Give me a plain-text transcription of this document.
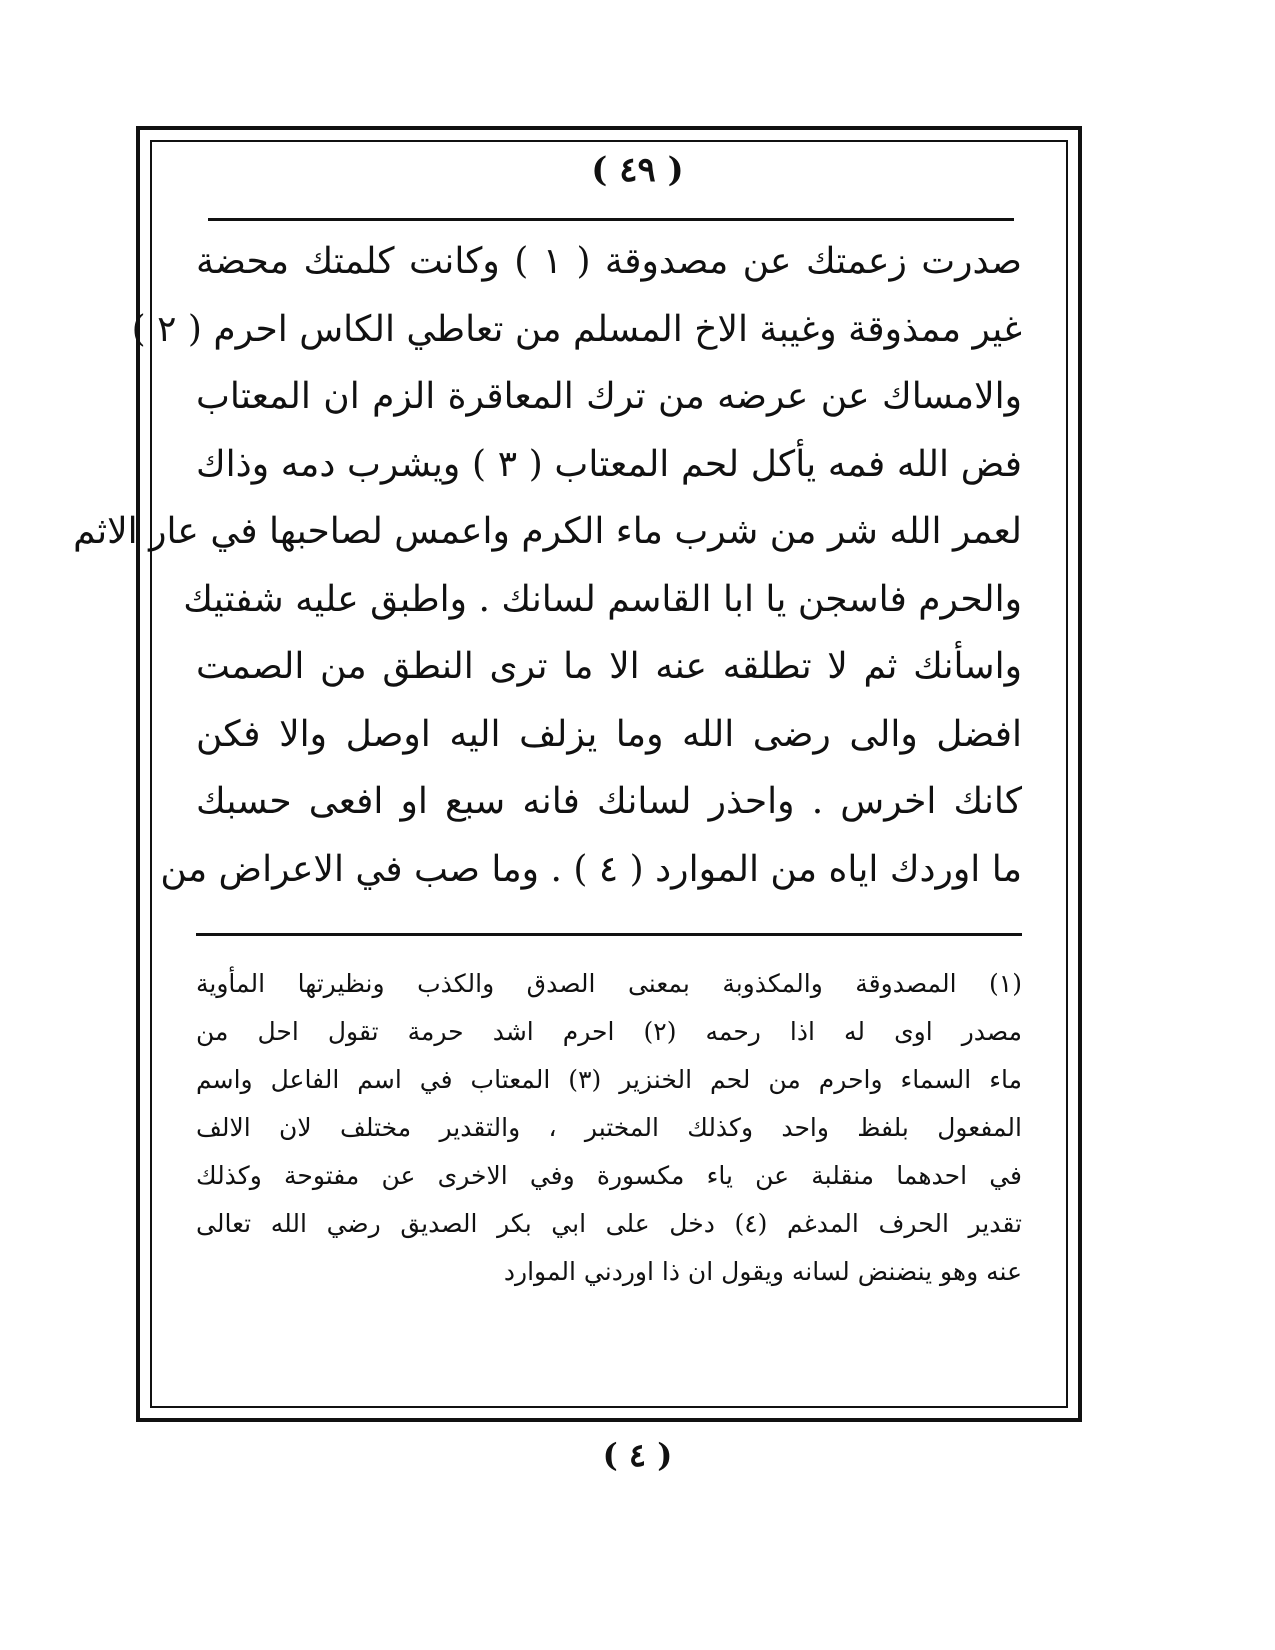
( ٤٩ )
صدرت زعمتك عن مصدوقة ( ١ ) وكانت كلمتك محضة
غير ممذوقة وغيبة الاخ المسلم من تعاطي الكاس احرم ( ٢ )
والامساك عن عرضه من ترك المعاقرة الزم ان المعتاب
فض الله فمه يأكل لحم المعتاب ( ٣ ) ويشرب دمه وذاك
لعمر الله شر من شرب ماء الكرم واعمس لصاحبها في عار الاثم
والحرم فاسجن يا ابا القاسم لسانك . واطبق عليه شفتيك
واسأنك ثم لا تطلقه عنه الا ما ترى النطق من الصمت
افضل والى رضى الله وما يزلف اليه اوصل والا فكن
كانك اخرس . واحذر لسانك فانه سبع او افعى حسبك
ما اوردك اياه من الموارد ( ٤ ) . وما صب في الاعراض من
(١) المصدوقة والمكذوبة بمعنى الصدق والكذب ونظيرتها المأوية
مصدر اوى له اذا رحمه (٢) احرم اشد حرمة تقول احل من
ماء السماء واحرم من لحم الخنزير (٣) المعتاب في اسم الفاعل واسم
المفعول بلفظ واحد وكذلك المختبر ، والتقدير مختلف لان الالف
في احدهما منقلبة عن ياء مكسورة وفي الاخرى عن مفتوحة وكذلك
تقدير الحرف المدغم (٤) دخل على ابي بكر الصديق رضي الله تعالى
عنه وهو ينضنض لسانه ويقول ان ذا اوردني الموارد
( ٤ )
